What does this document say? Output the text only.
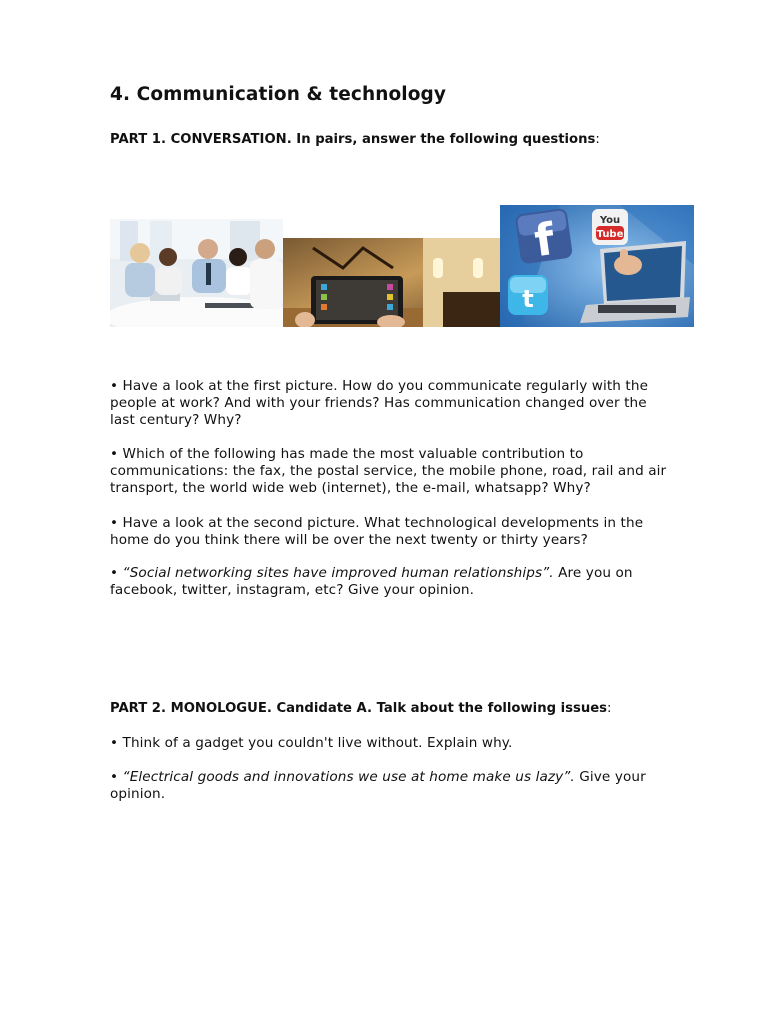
4. Communication & technology

PART 1. CONVERSATION. In pairs, answer the following questions:

f	You
Tube
t

• Have a look at the first picture. How do you communicate regularly with the people at work? And with your friends? Has communication changed over the last century? Why?

• Which of the following has made the most valuable contribution to communications: the fax, the postal service, the mobile phone, road, rail and air transport, the world wide web (internet), the e-mail, whatsapp? Why?

• Have a look at the second picture. What technological developments in the home do you think there will be over the next twenty or thirty years?

• “Social networking sites have improved human relationships”. Are you on facebook, twitter, instagram, etc? Give your opinion.

PART 2. MONOLOGUE. Candidate A. Talk about the following issues:

• Think of a gadget you couldn't live without. Explain why.

• “Electrical goods and innovations we use at home make us lazy”. Give your opinion.
